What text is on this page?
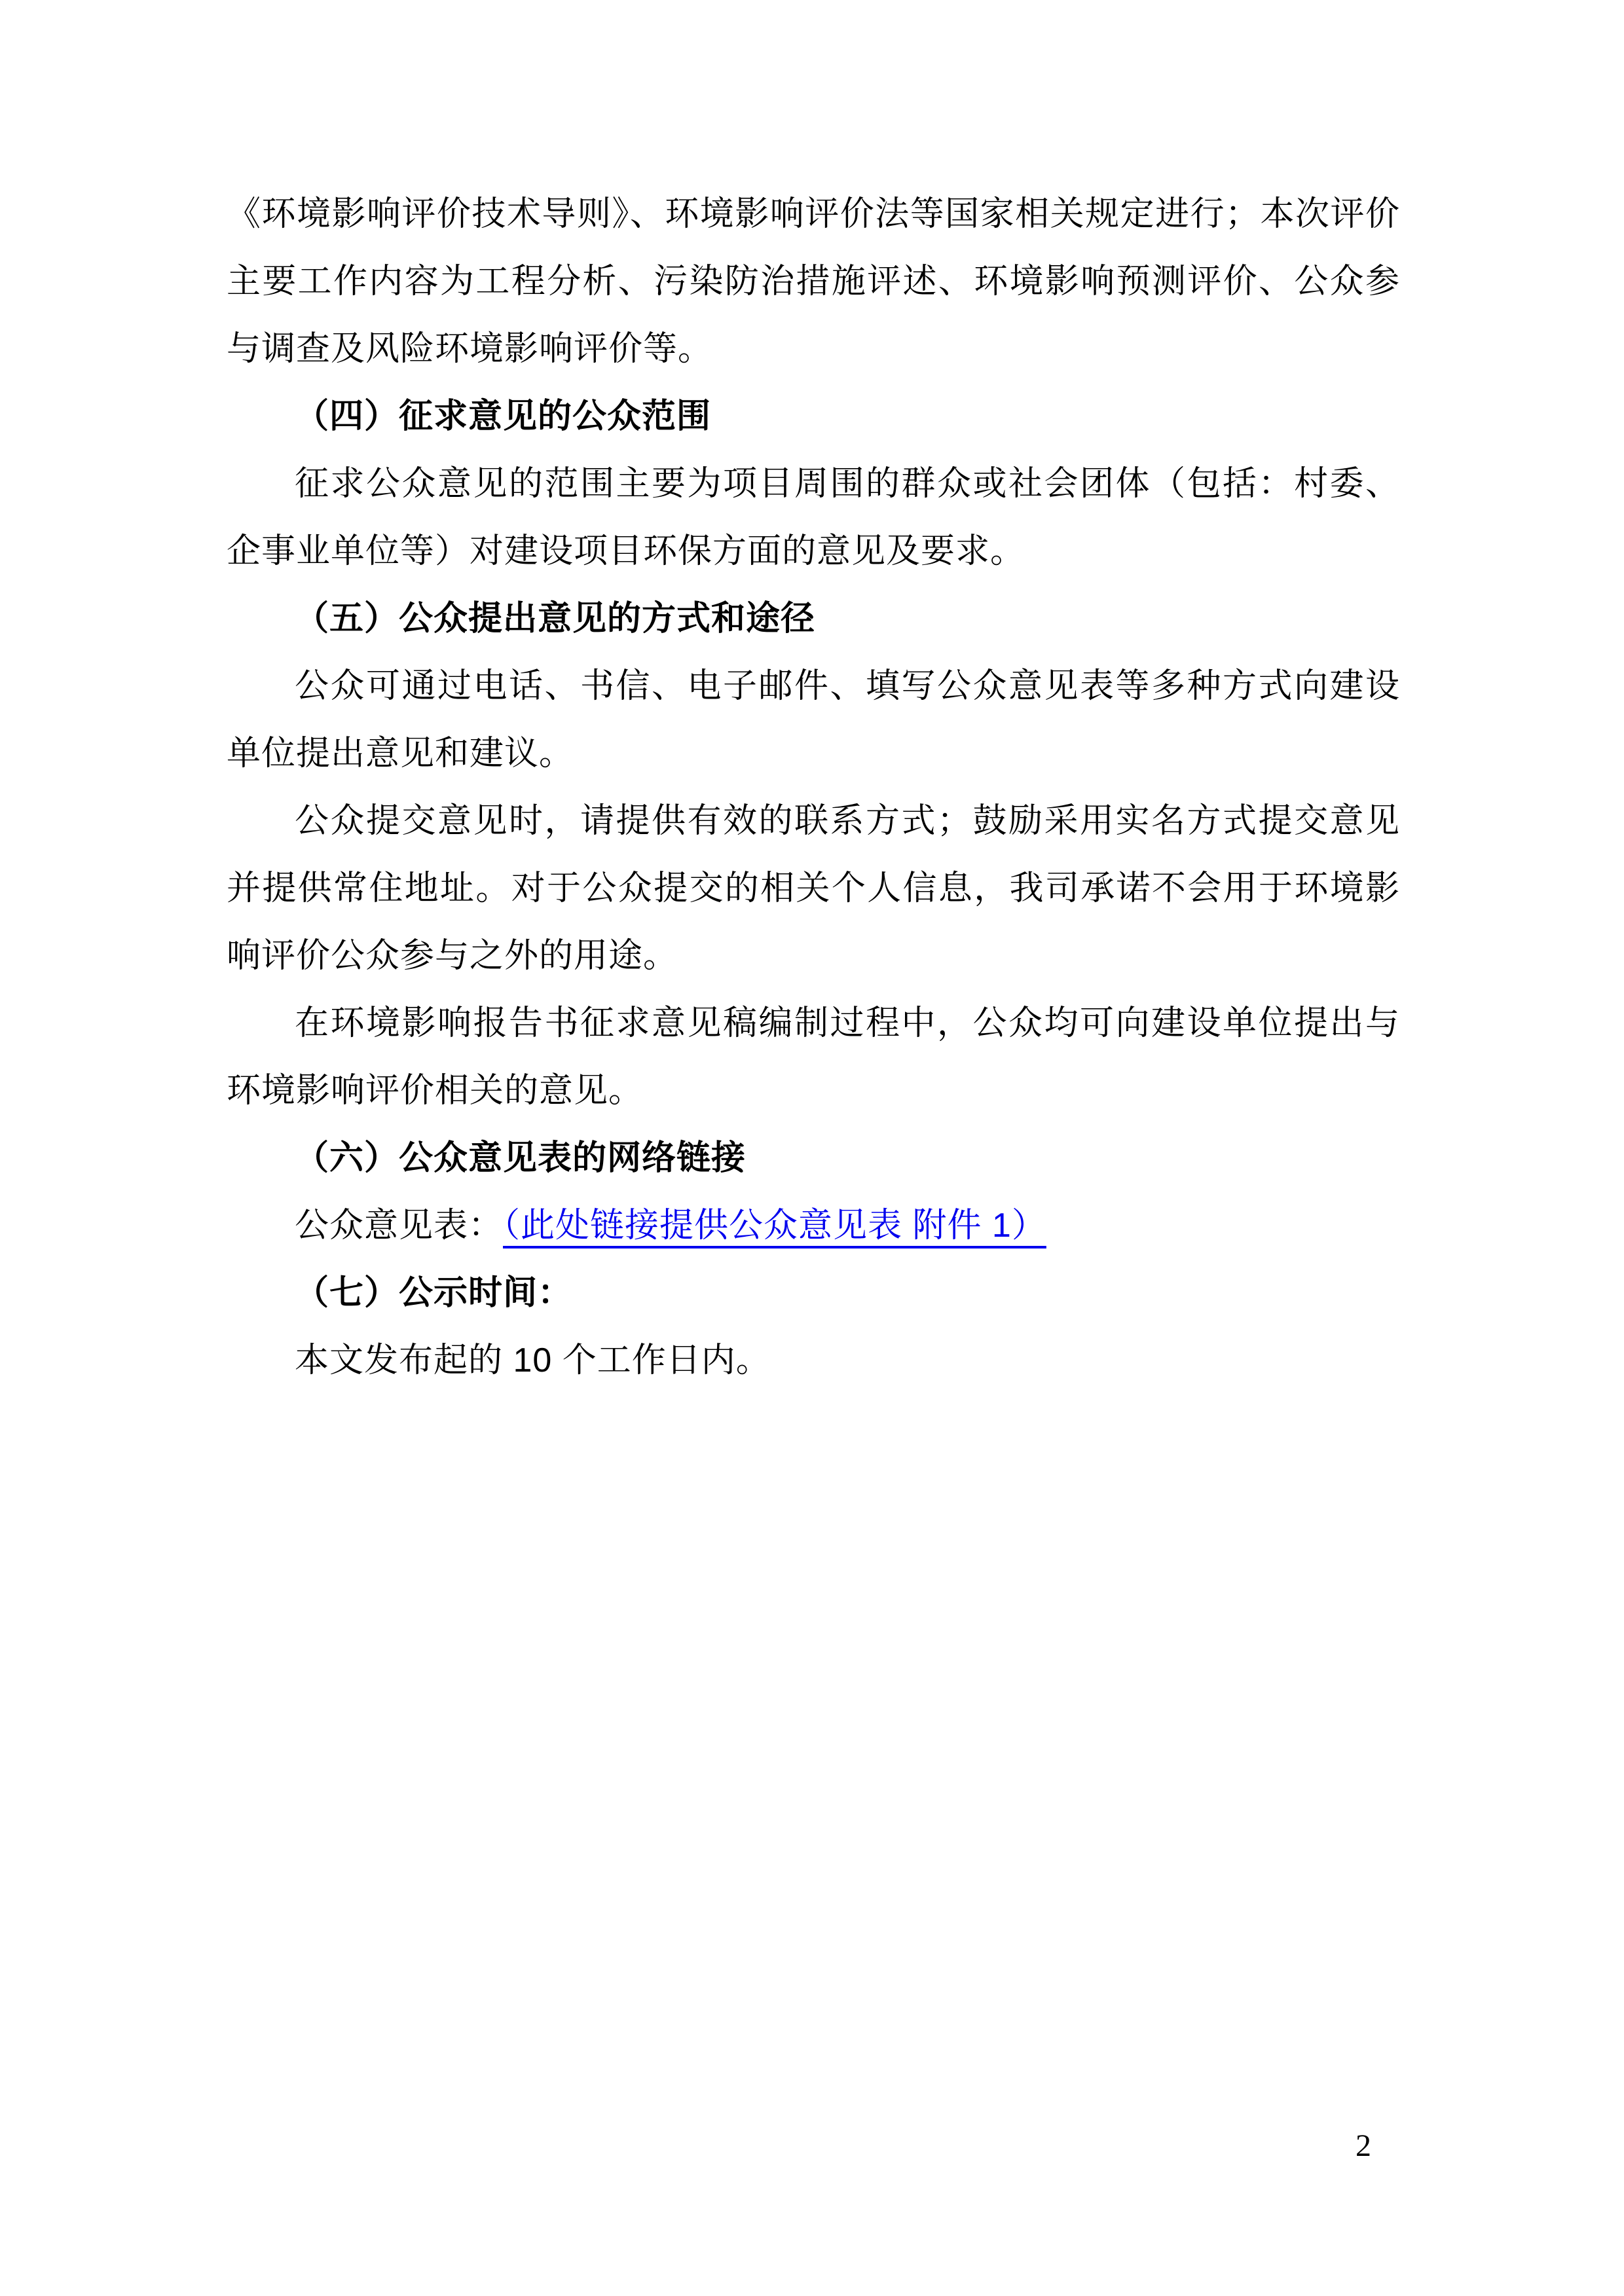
《环境影响评价技术导则》、环境影响评价法等国家相关规定进行；本次评价主要工作内容为工程分析、污染防治措施评述、环境影响预测评价、公众参与调查及风险环境影响评价等。

（四）征求意见的公众范围

征求公众意见的范围主要为项目周围的群众或社会团体（包括：村委、企事业单位等）对建设项目环保方面的意见及要求。

（五）公众提出意见的方式和途径

公众可通过电话、书信、电子邮件、填写公众意见表等多种方式向建设单位提出意见和建议。

公众提交意见时，请提供有效的联系方式；鼓励采用实名方式提交意见并提供常住地址。对于公众提交的相关个人信息，我司承诺不会用于环境影响评价公众参与之外的用途。

在环境影响报告书征求意见稿编制过程中，公众均可向建设单位提出与环境影响评价相关的意见。

（六）公众意见表的网络链接

公众意见表：（此处链接提供公众意见表 附件 1）

（七）公示时间：

本文发布起的 10 个工作日内。

2
